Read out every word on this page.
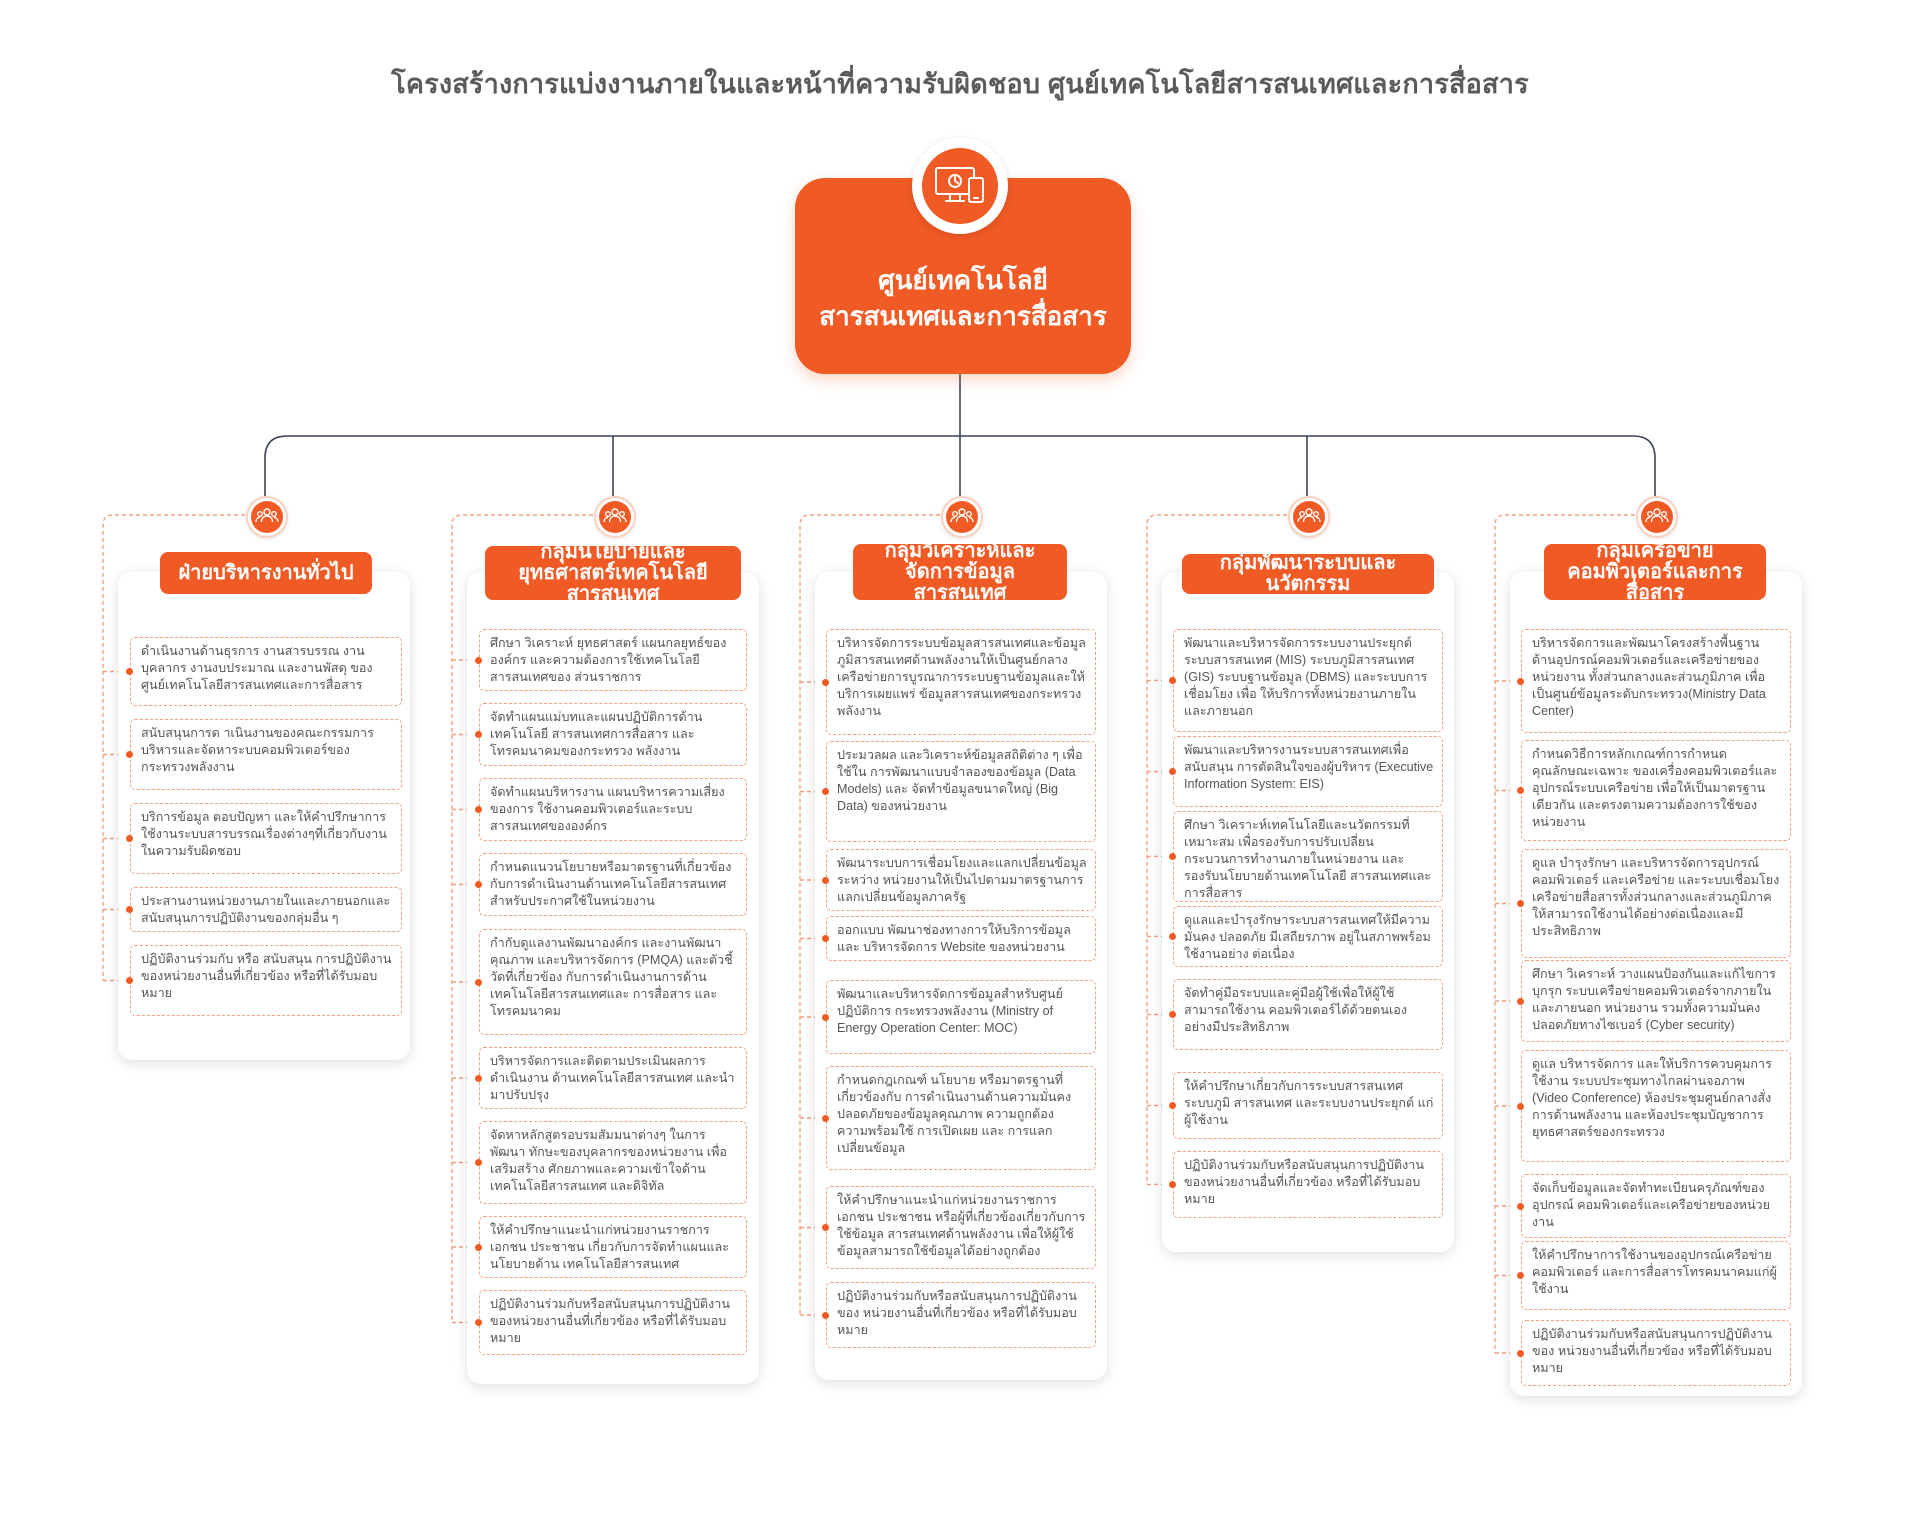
โครงสร้างการแบ่งงานภายในและหน้าที่ความรับผิดชอบ ศูนย์เทคโนโลยีสารสนเทศและการสื่อสาร
ศูนย์เทคโนโลยี
สารสนเทศและการสื่อสาร
ฝ่ายบริหารงานทั่วไป
ดำเนินงานด้านธุรการ งานสารบรรณ งานบุคลากร งานงบประมาณ และงานพัสดุ ของ ศูนย์เทคโนโลยีสารสนเทศและการสื่อสาร
สนับสนุนการด าเนินงานของคณะกรรมการบริหารและจัดหาระบบคอมพิวเตอร์ของกระทรวงพลังงาน
บริการข้อมูล ตอบปัญหา และให้คำปรึกษาการใช้งานระบบสารบรรณเรื่องต่างๆที่เกี่ยวกับงานในความรับผิดชอบ
ประสานงานหน่วยงานภายในและภายนอกและสนับสนุนการปฏิบัติงานของกลุ่มอื่น ๆ
ปฏิบัติงานร่วมกับ หรือ สนับสนุน การปฏิบัติงานของหน่วยงานอื่นที่เกี่ยวข้อง หรือที่ได้รับมอบหมาย
กลุ่มนโยบายและยุทธศาสตร์เทคโนโลยีสารสนเทศ
ศึกษา วิเคราะห์ ยุทธศาสตร์ แผนกลยุทธ์ขององค์กร และความต้องการใช้เทคโนโลยีสารสนเทศของ ส่วนราชการ
จัดทำแผนแม่บทและแผนปฏิบัติการด้านเทคโนโลยี สารสนเทศการสื่อสาร และโทรคมนาคมของกระทรวง พลังงาน
จัดทำแผนบริหารงาน แผนบริหารความเสี่ยงของการ ใช้งานคอมพิวเตอร์และระบบสารสนเทศขององค์กร
กำหนดแนวนโยบายหรือมาตรฐานที่เกี่ยวข้องกับการดำเนินงานด้านเทคโนโลยีสารสนเทศสำหรับประกาศใช้ในหน่วยงาน
กำกับดูแลงานพัฒนาองค์กร และงานพัฒนาคุณภาพ และบริหารจัดการ (PMQA) และตัวชี้วัดที่เกี่ยวข้อง กับการดำเนินงานการด้านเทคโนโลยีสารสนเทศและ การสื่อสาร และโทรคมนาคม
บริหารจัดการและติดตามประเมินผลการดำเนินงาน ด้านเทคโนโลยีสารสนเทศ และนำมาปรับปรุง
จัดหาหลักสูตรอบรมสัมมนาต่างๆ ในการพัฒนา ทักษะของบุคลากรของหน่วยงาน เพื่อเสริมสร้าง ศักยภาพและความเข้าใจด้านเทคโนโลยีสารสนเทศ และดิจิทัล
ให้คำปรึกษาแนะนำแก่หน่วยงานราชการ เอกชน ประชาชน เกี่ยวกับการจัดทำแผนและนโยบายด้าน เทคโนโลยีสารสนเทศ
ปฏิบัติงานร่วมกับหรือสนับสนุนการปฏิบัติงานของหน่วยงานอื่นที่เกี่ยวข้อง หรือที่ได้รับมอบหมาย
กลุ่มวิเคราะห์และจัดการข้อมูลสารสนเทศ
บริหารจัดการระบบข้อมูลสารสนเทศและข้อมูลภูมิสารสนเทศด้านพลังงานให้เป็นศูนย์กลางเครือข่ายการบูรณาการระบบฐานข้อมูลและให้บริการเผยแพร่ ข้อมูลสารสนเทศของกระทรวงพลังงาน
ประมวลผล และวิเคราะห์ข้อมูลสถิติต่าง ๆ เพื่อใช้ใน การพัฒนาแบบจำลองของข้อมูล (Data Models) และ จัดทำข้อมูลขนาดใหญ่ (Big Data) ของหน่วยงาน
พัฒนาระบบการเชื่อมโยงและแลกเปลี่ยนข้อมูลระหว่าง หน่วยงานให้เป็นไปตามมาตรฐานการแลกเปลี่ยนข้อมูลภาครัฐ
ออกแบบ พัฒนาช่องทางการให้บริการข้อมูล และ บริหารจัดการ Website ของหน่วยงาน
พัฒนาและบริหารจัดการข้อมูลสำหรับศูนย์ปฏิบัติการ กระทรวงพลังงาน (Ministry of Energy Operation Center: MOC)
กำหนดกฎเกณฑ์ นโยบาย หรือมาตรฐานที่เกี่ยวข้องกับ การดำเนินงานด้านความมั่นคงปลอดภัยของข้อมูลคุณภาพ ความถูกต้อง ความพร้อมใช้ การเปิดเผย และ การแลกเปลี่ยนข้อมูล
ให้คำปรึกษาแนะนำแก่หน่วยงานราชการ เอกชน ประชาชน หรือผู้ที่เกี่ยวข้องเกี่ยวกับการใช้ข้อมูล สารสนเทศด้านพลังงาน เพื่อให้ผู้ใช้ข้อมูลสามารถใช้ข้อมูลได้อย่างถูกต้อง
ปฏิบัติงานร่วมกับหรือสนับสนุนการปฏิบัติงานของ หน่วยงานอื่นที่เกี่ยวข้อง หรือที่ได้รับมอบหมาย
กลุ่มพัฒนาระบบและนวัตกรรม
พัฒนาและบริหารจัดการระบบงานประยุกต์ ระบบสารสนเทศ (MIS) ระบบภูมิสารสนเทศ (GIS) ระบบฐานข้อมูล (DBMS) และระบบการเชื่อมโยง เพื่อ ให้บริการทั้งหน่วยงานภายในและภายนอก
พัฒนาและบริหารงานระบบสารสนเทศเพื่อสนับสนุน การตัดสินใจของผู้บริหาร (Executive Information System: EIS)
ศึกษา วิเคราะห์เทคโนโลยีและนวัตกรรมที่เหมาะสม เพื่อรองรับการปรับเปลี่ยนกระบวนการทำงานภายในหน่วยงาน และรองรับนโยบายด้านเทคโนโลยี สารสนเทศและการสื่อสาร
ดูแลและบำรุงรักษาระบบสารสนเทศให้มีความมั่นคง ปลอดภัย มีเสถียรภาพ อยู่ในสภาพพร้อมใช้งานอย่าง ต่อเนื่อง
จัดทำคู่มือระบบและคู่มือผู้ใช้เพื่อให้ผู้ใช้สามารถใช้งาน คอมพิวเตอร์ได้ด้วยตนเองอย่างมีประสิทธิภาพ
ให้คำปรึกษาเกี่ยวกับการระบบสารสนเทศ ระบบภูมิ สารสนเทศ และระบบงานประยุกต์ แก่ผู้ใช้งาน
ปฏิบัติงานร่วมกับหรือสนับสนุนการปฏิบัติงานของหน่วยงานอื่นที่เกี่ยวข้อง หรือที่ได้รับมอบหมาย
กลุ่มเครือข่ายคอมพิวเตอร์และการสื่อสาร
บริหารจัดการและพัฒนาโครงสร้างพื้นฐานด้านอุปกรณ์คอมพิวเตอร์และเครือข่ายของหน่วยงาน ทั้งส่วนกลางและส่วนภูมิภาค เพื่อเป็นศูนย์ข้อมูลระดับกระทรวง(Ministry Data Center)
กำหนดวิธีการหลักเกณฑ์การกำหนดคุณลักษณะเฉพาะ ของเครื่องคอมพิวเตอร์และอุปกรณ์ระบบเครือข่าย เพื่อให้เป็นมาตรฐานเดียวกัน และตรงตามความต้องการใช้ของหน่วยงาน
ดูแล บำรุงรักษา และบริหารจัดการอุปกรณ์คอมพิวเตอร์ และเครือข่าย และระบบเชื่อมโยงเครือข่ายสื่อสารทั้งส่วนกลางและส่วนภูมิภาค ให้สามารถใช้งานได้อย่างต่อเนื่องและมีประสิทธิภาพ
ศึกษา วิเคราะห์ วางแผนป้องกันและแก้ไขการบุกรุก ระบบเครือข่ายคอมพิวเตอร์จากภายในและภายนอก หน่วยงาน รวมทั้งความมั่นคงปลอดภัยทางไซเบอร์ (Cyber security)
ดูแล บริหารจัดการ และให้บริการควบคุมการใช้งาน ระบบประชุมทางไกลผ่านจอภาพ (Video Conference) ห้องประชุมศูนย์กลางสั่งการด้านพลังงาน และห้องประชุมบัญชาการยุทธศาสตร์ของกระทรวง
จัดเก็บข้อมูลและจัดทำทะเบียนครุภัณฑ์ของอุปกรณ์ คอมพิวเตอร์และเครือข่ายของหน่วยงาน
ให้คำปรึกษาการใช้งานของอุปกรณ์เครือข่ายคอมพิวเตอร์ และการสื่อสารโทรคมนาคมแก่ผู้ใช้งาน
ปฏิบัติงานร่วมกับหรือสนับสนุนการปฏิบัติงานของ หน่วยงานอื่นที่เกี่ยวข้อง หรือที่ได้รับมอบหมาย
